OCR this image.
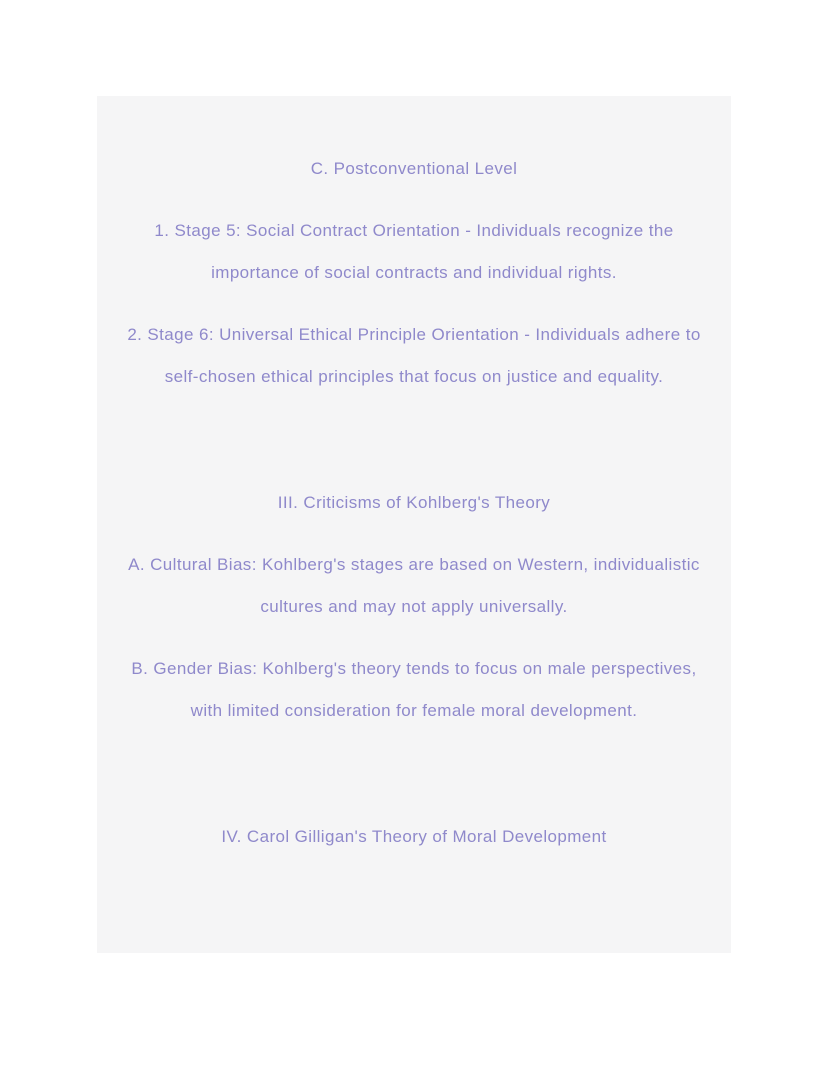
C. Postconventional Level

1. Stage 5: Social Contract Orientation - Individuals recognize the importance of social contracts and individual rights.

2. Stage 6: Universal Ethical Principle Orientation - Individuals adhere to self-chosen ethical principles that focus on justice and equality.

III. Criticisms of Kohlberg's Theory

A. Cultural Bias: Kohlberg's stages are based on Western, individualistic cultures and may not apply universally.

B. Gender Bias: Kohlberg's theory tends to focus on male perspectives, with limited consideration for female moral development.

IV. Carol Gilligan's Theory of Moral Development
